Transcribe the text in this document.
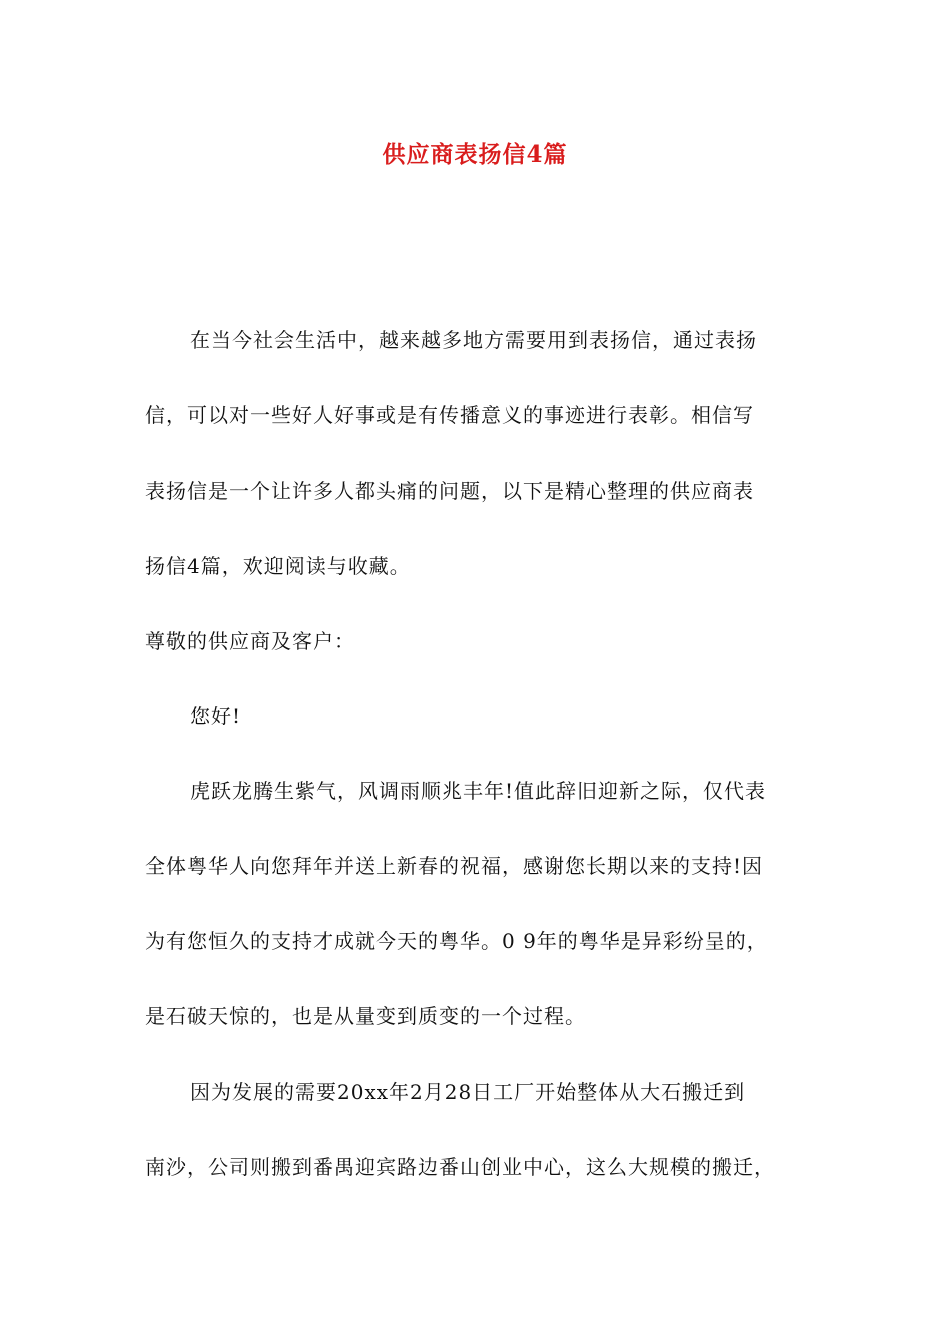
供应商表扬信4篇
在当今社会生活中，越来越多地方需要用到表扬信，通过表扬
信，可以对一些好人好事或是有传播意义的事迹进行表彰。相信写
表扬信是一个让许多人都头痛的问题，以下是精心整理的供应商表
扬信4篇，欢迎阅读与收藏。
尊敬的供应商及客户：
您好!
虎跃龙腾生紫气，风调雨顺兆丰年!值此辞旧迎新之际，仅代表
全体粤华人向您拜年并送上新春的祝福，感谢您长期以来的支持!因
为有您恒久的支持才成就今天的粤华。0 9年的粤华是异彩纷呈的，
是石破天惊的，也是从量变到质变的一个过程。
因为发展的需要20xx年2月28日工厂开始整体从大石搬迁到
南沙，公司则搬到番禺迎宾路边番山创业中心，这么大规模的搬迁，
